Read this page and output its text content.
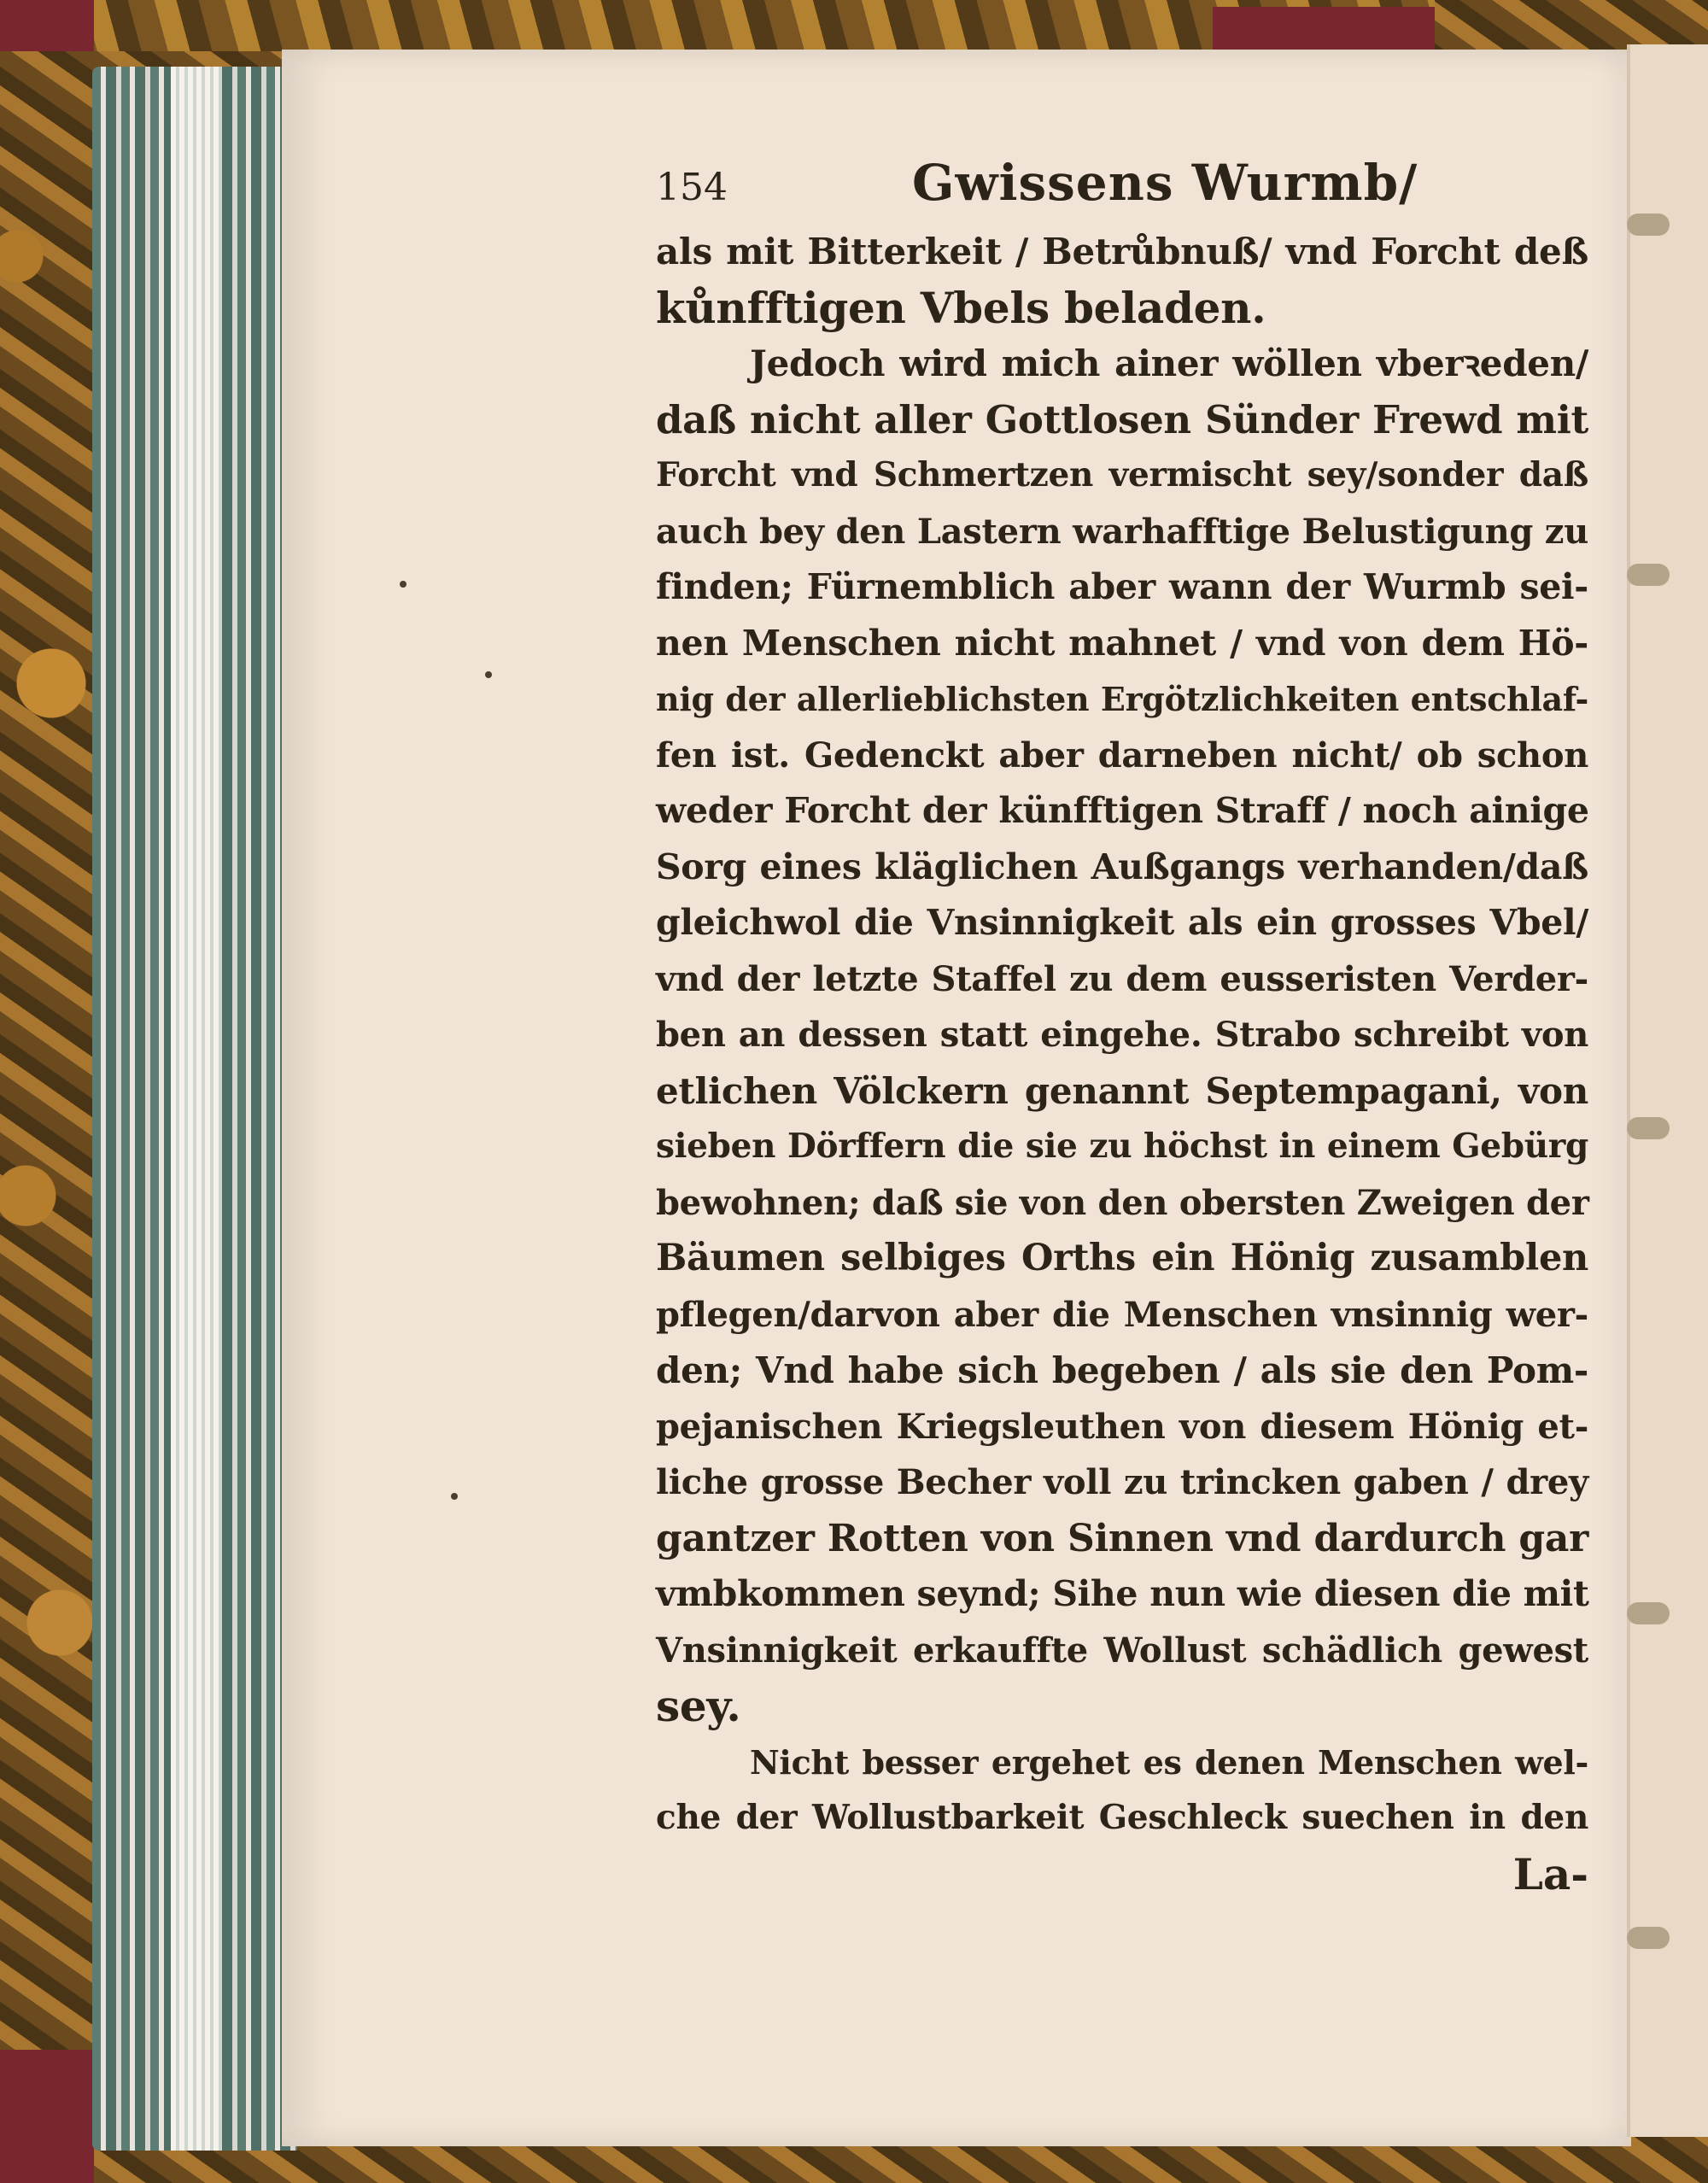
154	Gwissens Wurmb/
als mit Bitterkeit / Betrůbnuß/ vnd Forcht deß
kůnfftigen Vbels beladen.
Jedoch wird mich ainer wöllen vberꝛeden/
daß nicht aller Gottlosen Sünder Frewd mit
Forcht vnd Schmertzen vermischt sey/sonder daß
auch bey den Lastern warhafftige Belustigung zu
finden; Fürnemblich aber wann der Wurmb sei-
nen Menschen nicht mahnet / vnd von dem Hö-
nig der allerlieblichsten Ergötzlichkeiten entschlaf-
fen ist. Gedenckt aber darneben nicht/ ob schon
weder Forcht der künfftigen Straff / noch ainige
Sorg eines kläglichen Außgangs verhanden/daß
gleichwol die Vnsinnigkeit als ein grosses Vbel/
vnd der letzte Staffel zu dem eusseristen Verder-
ben an dessen statt eingehe. Strabo schreibt von
etlichen Völckern genannt Septempagani, von
sieben Dörffern die sie zu höchst in einem Gebürg
bewohnen; daß sie von den obersten Zweigen der
Bäumen selbiges Orths ein Hönig zusamblen
pflegen/darvon aber die Menschen vnsinnig wer-
den; Vnd habe sich begeben / als sie den Pom-
pejanischen Kriegsleuthen von diesem Hönig et-
liche grosse Becher voll zu trincken gaben / drey
gantzer Rotten von Sinnen vnd dardurch gar
vmbkommen seynd; Sihe nun wie diesen die mit
Vnsinnigkeit erkauffte Wollust schädlich gewest
sey.
Nicht besser ergehet es denen Menschen wel-
che der Wollustbarkeit Geschleck suechen in den
La-
